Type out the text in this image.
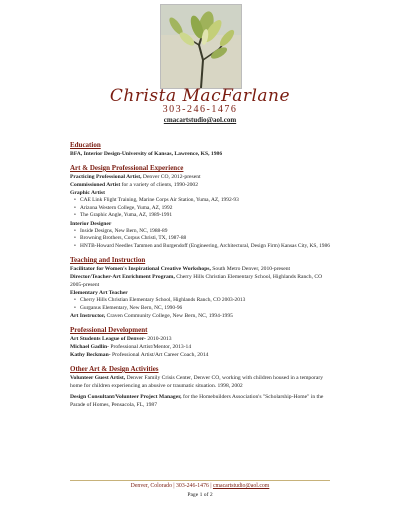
Christa MacFarlane
303-246-1476
cmacartstudio@aol.com
Education
BFA, Interior Design-University of Kansas, Lawrence, KS, 1986
Art & Design Professional Experience
Practicing Professional Artist, Denver CO, 2012-present
Commissioned Artist for a variety of clients, 1990-2002
Graphic Artist
• CAE Link Flight Training, Marine Corps Air Station, Yuma, AZ, 1992-93
• Arizona Western College, Yuma, AZ, 1992
• The Graphic Angle, Yuma, AZ, 1989-1991
Interior Designer
• Inside Designs, New Bern, NC, 1988-89
• Browning Brothers, Corpus Christi, TX, 1987-88
• HNTB-Howard Needles Tammen and Burgendoff (Engineering, Architectural, Design Firm) Kansas City, KS, 1986
Teaching and Instruction
Facilitator for Women's Inspirational Creative Workshops, South Metro Denver, 2010-present
Director/Teacher-Art Enrichment Program, Cherry Hills Christian Elementary School, Highlands Ranch, CO 2005-present
Elementary Art Teacher
• Cherry Hills Christian Elementary School, Highlands Ranch, CO 2003-2013
• Gurganus Elementary, New Bern, NC, 1990-96
Art Instructor, Craven Community College, New Bern, NC, 1994-1995
Professional Development
Art Students League of Denver- 2010-2013
Michael Gadlin- Professional Artist/Mentor, 2013-14
Kathy Beckman- Professional Artist/Art Career Coach, 2014
Other Art & Design Activities
Volunteer Guest Artist, Denver Family Crisis Center, Denver CO, working with children housed in a temporary home for children experiencing an abusive or traumatic situation. 1998, 2002
Design Consultant/Volunteer Project Manager, for the Homebuilders Association's "Scholarship-Home" in the Parade of Homes, Pensacola, FL, 1987
Denver, Colorado | 303-246-1476 | cmacartstudio@aol.com
Page 1 of 2
